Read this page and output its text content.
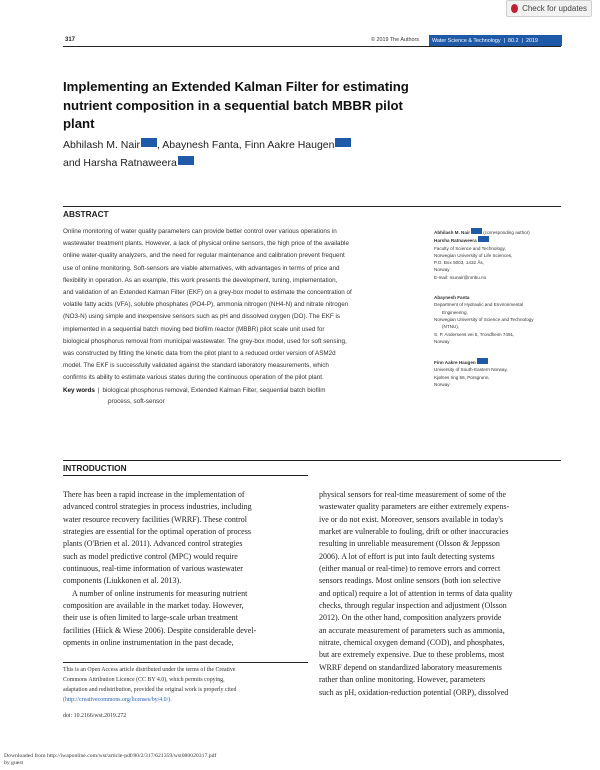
Check for updates
317	© 2019 The Authors Water Science & Technology | 80.2 | 2019
Implementing an Extended Kalman Filter for estimating
nutrient composition in a sequential batch MBBR pilot
plant
Abhilash M. Nair , Abaynesh Fanta, Finn Aakre Haugen
and Harsha Ratnaweera
ABSTRACT
Online monitoring of water quality parameters can provide better control over various operations in
wastewater treatment plants. However, a lack of physical online sensors, the high price of the available
online water-quality analyzers, and the need for regular maintenance and calibration prevent frequent
use of online monitoring. Soft-sensors are viable alternatives, with advantages in terms of price and
flexibility in operation. As an example, this work presents the development, tuning, implementation,
and validation of an Extended Kalman Filter (EKF) on a grey-box model to estimate the concentration of
volatile fatty acids (VFA), soluble phosphates (PO4-P), ammonia nitrogen (NH4-N) and nitrate nitrogen
(NO3-N) using simple and inexpensive sensors such as pH and dissolved oxygen (DO). The EKF is
implemented in a sequential batch moving bed biofilm reactor (MBBR) pilot scale unit used for
biological phosphorus removal from municipal wastewater. The grey-box model, used for soft sensing,
was constructed by fitting the kinetic data from the pilot plant to a reduced order version of ASM2d
model. The EKF is successfully validated against the standard laboratory measurements, which
confirms its ability to estimate various states during the continuous operation of the pilot plant.
Key words | biological phosphorus removal, Extended Kalman Filter, sequential batch biofilm
process, soft-sensor
Abhilash M. Nair	(corresponding author)
Harsha Ratnaweera
Faculty of Science and Technology,
Norwegian University of Life Sciences,
P.O. Box 5003, 1432 Ås,
Norway
E-mail: munair@nmbu.no
Abaynesh Fanta
Department of Hydraulic and Environmental
Engineering,
Norwegian University of Science and Technology
(NTNU),
S. P. Andersens vei 5, Trondheim 7491,
Norway
Finn Aakre Haugen
University of South-Eastern Norway,
Kjølnes ring 56, Porsgrunn,
Norway
INTRODUCTION
There has been a rapid increase in the implementation of
advanced control strategies in process industries, including
water resource recovery facilities (WRRF). These control
strategies are essential for the optimal operation of process
plants (O'Brien et al. 2011). Advanced control strategies
such as model predictive control (MPC) would require
continuous, real-time information of various wastewater
components (Liukkonen et al. 2013).
A number of online instruments for measuring nutrient
composition are available in the market today. However,
their use is often limited to large-scale urban treatment
facilities (Hiick & Wiese 2006). Despite considerable devel-
opments in online instrumentation in the past decade,
physical sensors for real-time measurement of some of the
wastewater quality parameters are either extremely expens-
ive or do not exist. Moreover, sensors available in today's
market are vulnerable to fouling, drift or other inaccuracies
resulting in unreliable measurement (Olsson & Jeppsson
2006). A lot of effort is put into fault detecting systems
(either manual or real-time) to remove errors and correct
sensors readings. Most online sensors (both ion selective
and optical) require a lot of attention in terms of data quality
checks, through regular inspection and adjustment (Olsson
2012). On the other hand, composition analyzers provide
an accurate measurement of parameters such as ammonia,
nitrate, chemical oxygen demand (COD), and phosphates,
but are extremely expensive. Due to these problems, most
WRRF depend on standardized laboratory measurements
rather than online monitoring. However, parameters
such as pH, oxidation-reduction potential (ORP), dissolved
This is an Open Access article distributed under the terms of the Creative
Commons Attribution Licence (CC BY 4.0), which permits copying,
adaptation and redistribution, provided the original work is properly cited
(http://creativecommons.org/licenses/by/4.0/).
doi: 10.2166/wst.2019.272
Downloaded from http://iwaponline.com/wst/article-pdf/80/2/317/621359/wst080020317.pdf
by guest
